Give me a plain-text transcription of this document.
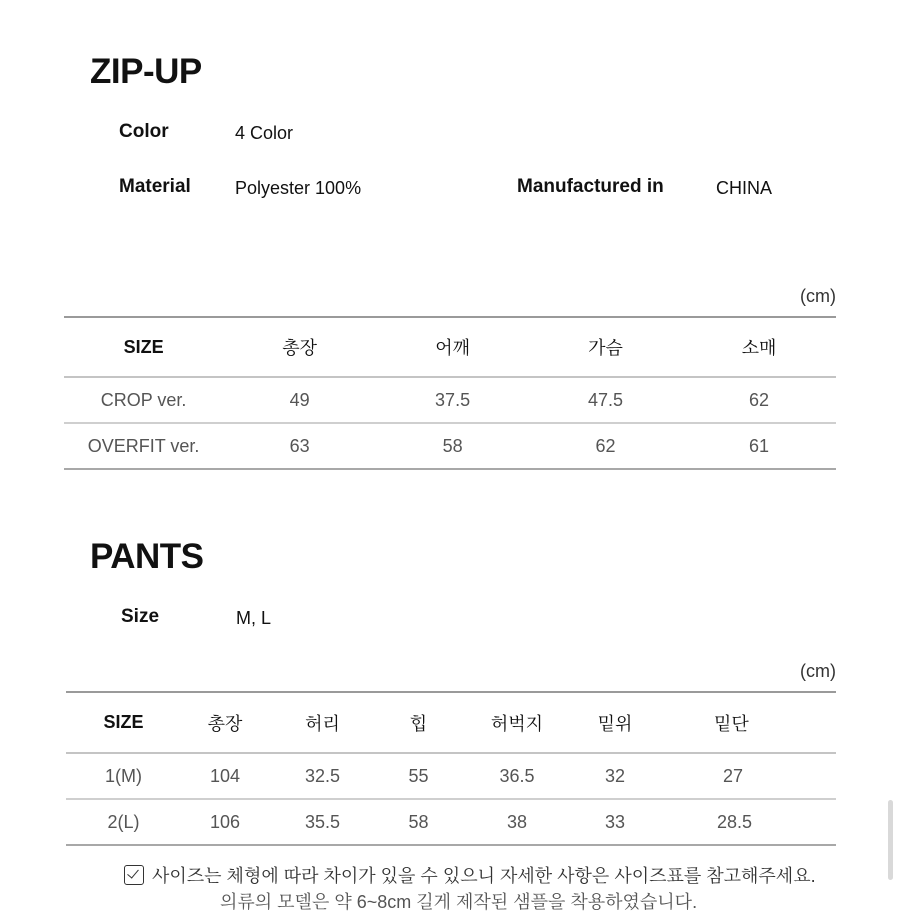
ZIP-UP
Color	4 Color
Material Polyester 100%	Manufactured in	CHINA
(cm)
SIZE	총장	어깨	가슴	소매
CROP ver.	49	37.5	47.5	62
OVERFIT ver.	63	58	62	61
PANTS
Size	M, L
(cm)
SIZE	총장	허리	힙	허벅지	밑위	밑단
1(M)	104	32.5	55	36.5	32	27
2(L)	106	35.5	58	38	33	28.5
사이즈는 체형에 따라 차이가 있을 수 있으니 자세한 사항은 사이즈표를 참고해주세요.
의류의 모델은 약 6~8cm 길게 제작된 샘플을 착용하였습니다.
